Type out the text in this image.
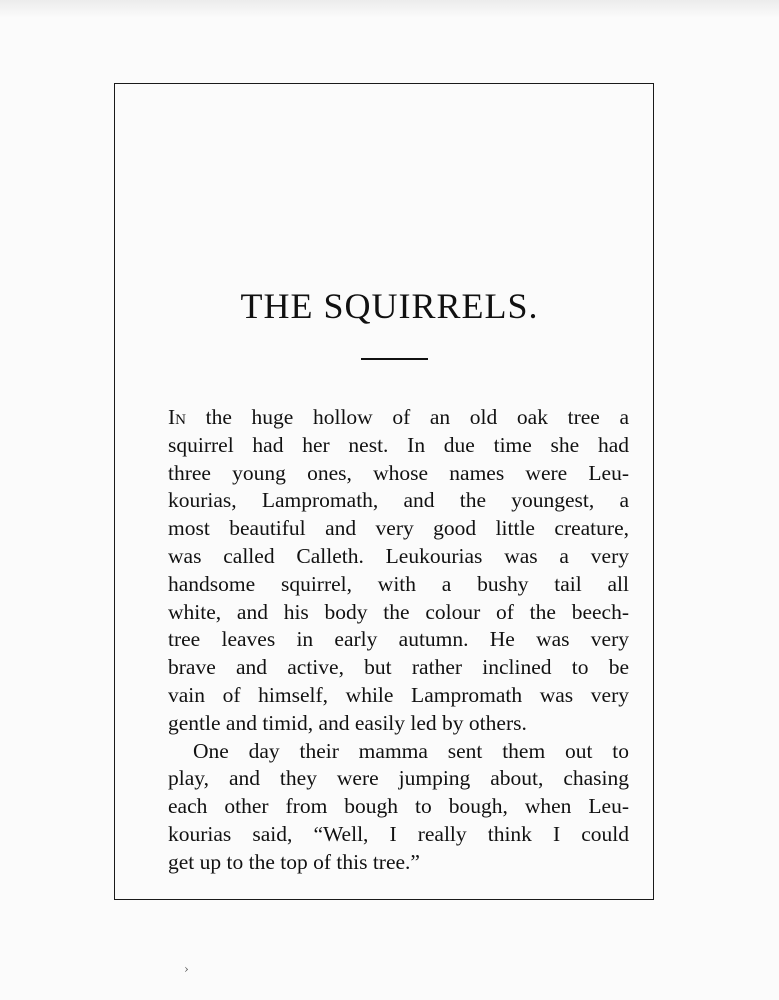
THE SQUIRRELS.
In the huge hollow of an old oak tree a
squirrel had her nest. In due time she had
three young ones, whose names were Leu-
kourias, Lampromath, and the youngest, a
most beautiful and very good little creature,
was called Calleth. Leukourias was a very
handsome squirrel, with a bushy tail all
white, and his body the colour of the beech-
tree leaves in early autumn. He was very
brave and active, but rather inclined to be
vain of himself, while Lampromath was very
gentle and timid, and easily led by others.
One day their mamma sent them out to
play, and they were jumping about, chasing
each other from bough to bough, when Leu-
kourias said, “Well, I really think I could
get up to the top of this tree.”
›
